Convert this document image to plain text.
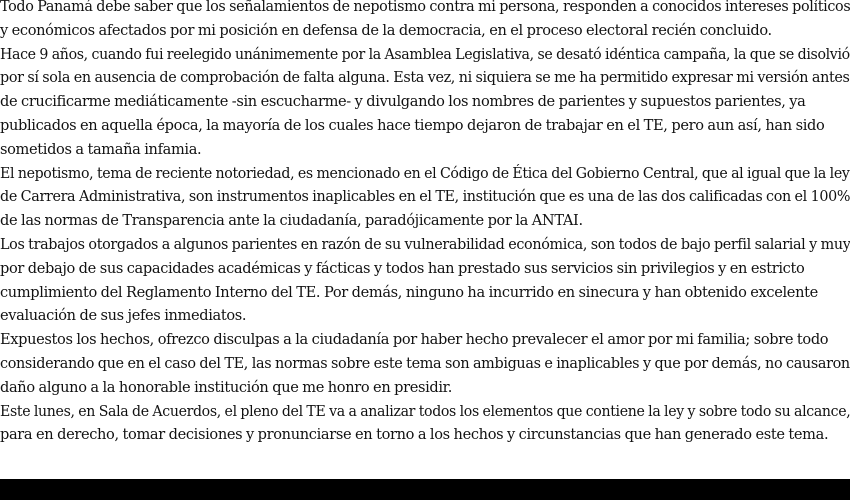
Todo Panamá debe saber que los señalamientos de nepotismo contra mi persona, responden a conocidos intereses políticos
y económicos afectados por mi posición en defensa de la democracia, en el proceso electoral recién concluido.
Hace 9 años, cuando fui reelegido unánimemente por la Asamblea Legislativa, se desató idéntica campaña, la que se disolvió
por sí sola en ausencia de comprobación de falta alguna. Esta vez, ni siquiera se me ha permitido expresar mi versión antes
de crucificarme mediáticamente -sin escucharme- y divulgando los nombres de parientes y supuestos parientes, ya
publicados en aquella época, la mayoría de los cuales hace tiempo dejaron de trabajar en el TE, pero aun así, han sido
sometidos a tamaña infamia.
El nepotismo, tema de reciente notoriedad, es mencionado en el Código de Ética del Gobierno Central, que al igual que la ley
de Carrera Administrativa, son instrumentos inaplicables en el TE, institución que es una de las dos calificadas con el 100%
de las normas de Transparencia ante la ciudadanía, paradójicamente por la ANTAI.
Los trabajos otorgados a algunos parientes en razón de su vulnerabilidad económica, son todos de bajo perfil salarial y muy
por debajo de sus capacidades académicas y fácticas y todos han prestado sus servicios sin privilegios y en estricto
cumplimiento del Reglamento Interno del TE. Por demás, ninguno ha incurrido en sinecura y han obtenido excelente
evaluación de sus jefes inmediatos.
Expuestos los hechos, ofrezco disculpas a la ciudadanía por haber hecho prevalecer el amor por mi familia; sobre todo
considerando que en el caso del TE, las normas sobre este tema son ambiguas e inaplicables y que por demás, no causaron
daño alguno a la honorable institución que me honro en presidir.
Este lunes, en Sala de Acuerdos, el pleno del TE va a analizar todos los elementos que contiene la ley y sobre todo su alcance,
para en derecho, tomar decisiones y pronunciarse en torno a los hechos y circunstancias que han generado este tema.
